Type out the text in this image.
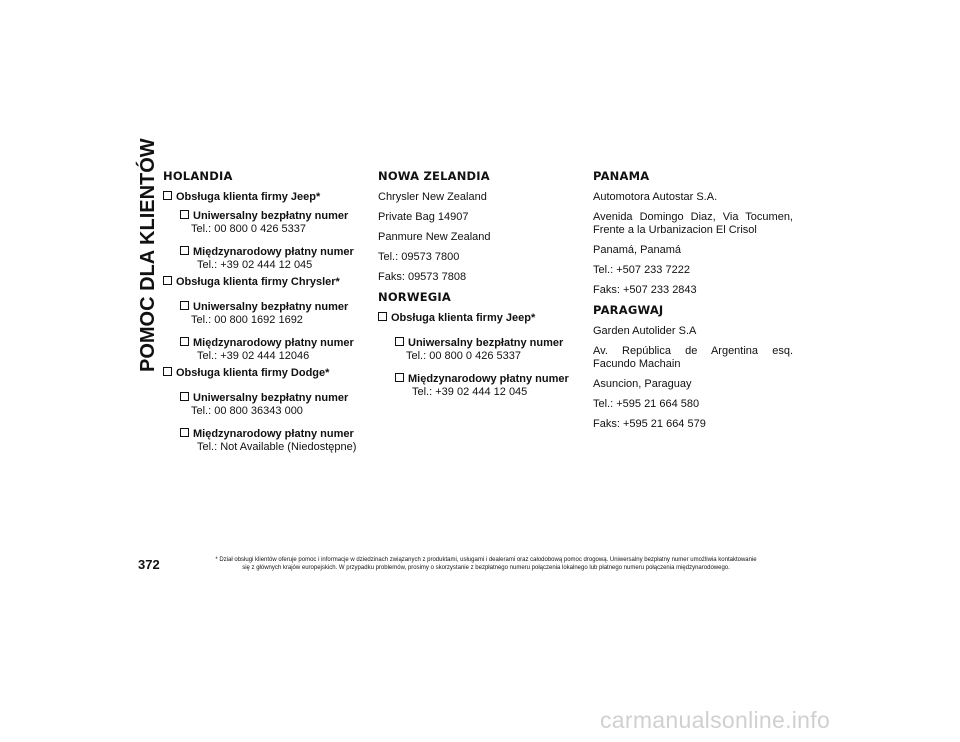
POMOC DLA KLIENTÓW HOLANDIA
Obsługa klienta firmy Jeep*
Uniwersalny bezpłatny numer
Tel.: 00 800 0 426 5337
Międzynarodowy płatny numer
Tel.: +39 02 444 12 045
Obsługa klienta firmy Chrysler*
Uniwersalny bezpłatny numer
Tel.: 00 800 1692 1692
Międzynarodowy płatny numer
Tel.: +39 02 444 12046
Obsługa klienta firmy Dodge*
Uniwersalny bezpłatny numer
Tel.: 00 800 36343 000
Międzynarodowy płatny numer
Tel.: Not Available (Niedostępne)
NOWA ZELANDIA
Chrysler New Zealand
Private Bag 14907
Panmure New Zealand
Tel.: 09573 7800
Faks: 09573 7808
NORWEGIA
Obsługa klienta firmy Jeep*
Uniwersalny bezpłatny numer
Tel.: 00 800 0 426 5337
Międzynarodowy płatny numer
Tel.: +39 02 444 12 045
PANAMA
Automotora Autostar S.A.
Avenida Domingo Diaz, Via Tocumen, Frente a la Urbanizacion El Crisol
Panamá, Panamá
Tel.: +507 233 7222
Faks: +507 233 2843
PARAGWAJ
Garden Autolider S.A
Av. República de Argentina esq. Facundo Machain
Asuncion, Paraguay
Tel.: +595 21 664 580
Faks: +595 21 664 579
372	* Dział obsługi klientów oferuje pomoc i informacje w dziedzinach związanych z produktami, usługami i dealerami oraz całodobową pomoc drogową. Uniwersalny bezpłatny numer umożliwia kontaktowanie
się z głównych krajów europejskich. W przypadku problemów, prosimy o skorzystanie z bezpłatnego numeru połączenia lokalnego lub płatnego numeru połączenia międzynarodowego.
carmanualsonline.info
